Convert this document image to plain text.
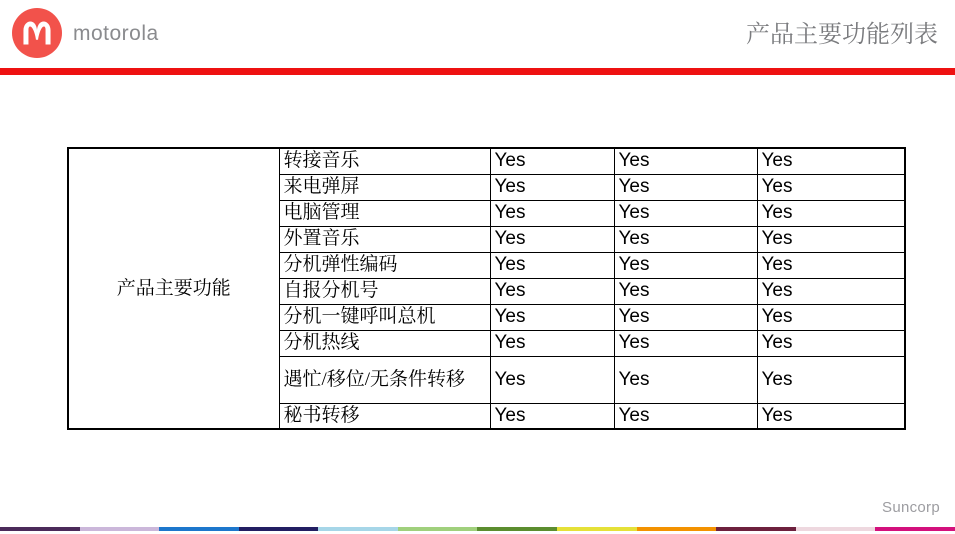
motorola	产品主要功能列表
产品主要功能	转接音乐	Yes	Yes	Yes
	来电弹屏	Yes	Yes	Yes
	电脑管理	Yes	Yes	Yes
	外置音乐	Yes	Yes	Yes
	分机弹性编码	Yes	Yes	Yes
	自报分机号	Yes	Yes	Yes
	分机一键呼叫总机	Yes	Yes	Yes
	分机热线	Yes	Yes	Yes
	遇忙/移位/无条件转移	Yes	Yes	Yes
	秘书转移	Yes	Yes	Yes
Suncorp
